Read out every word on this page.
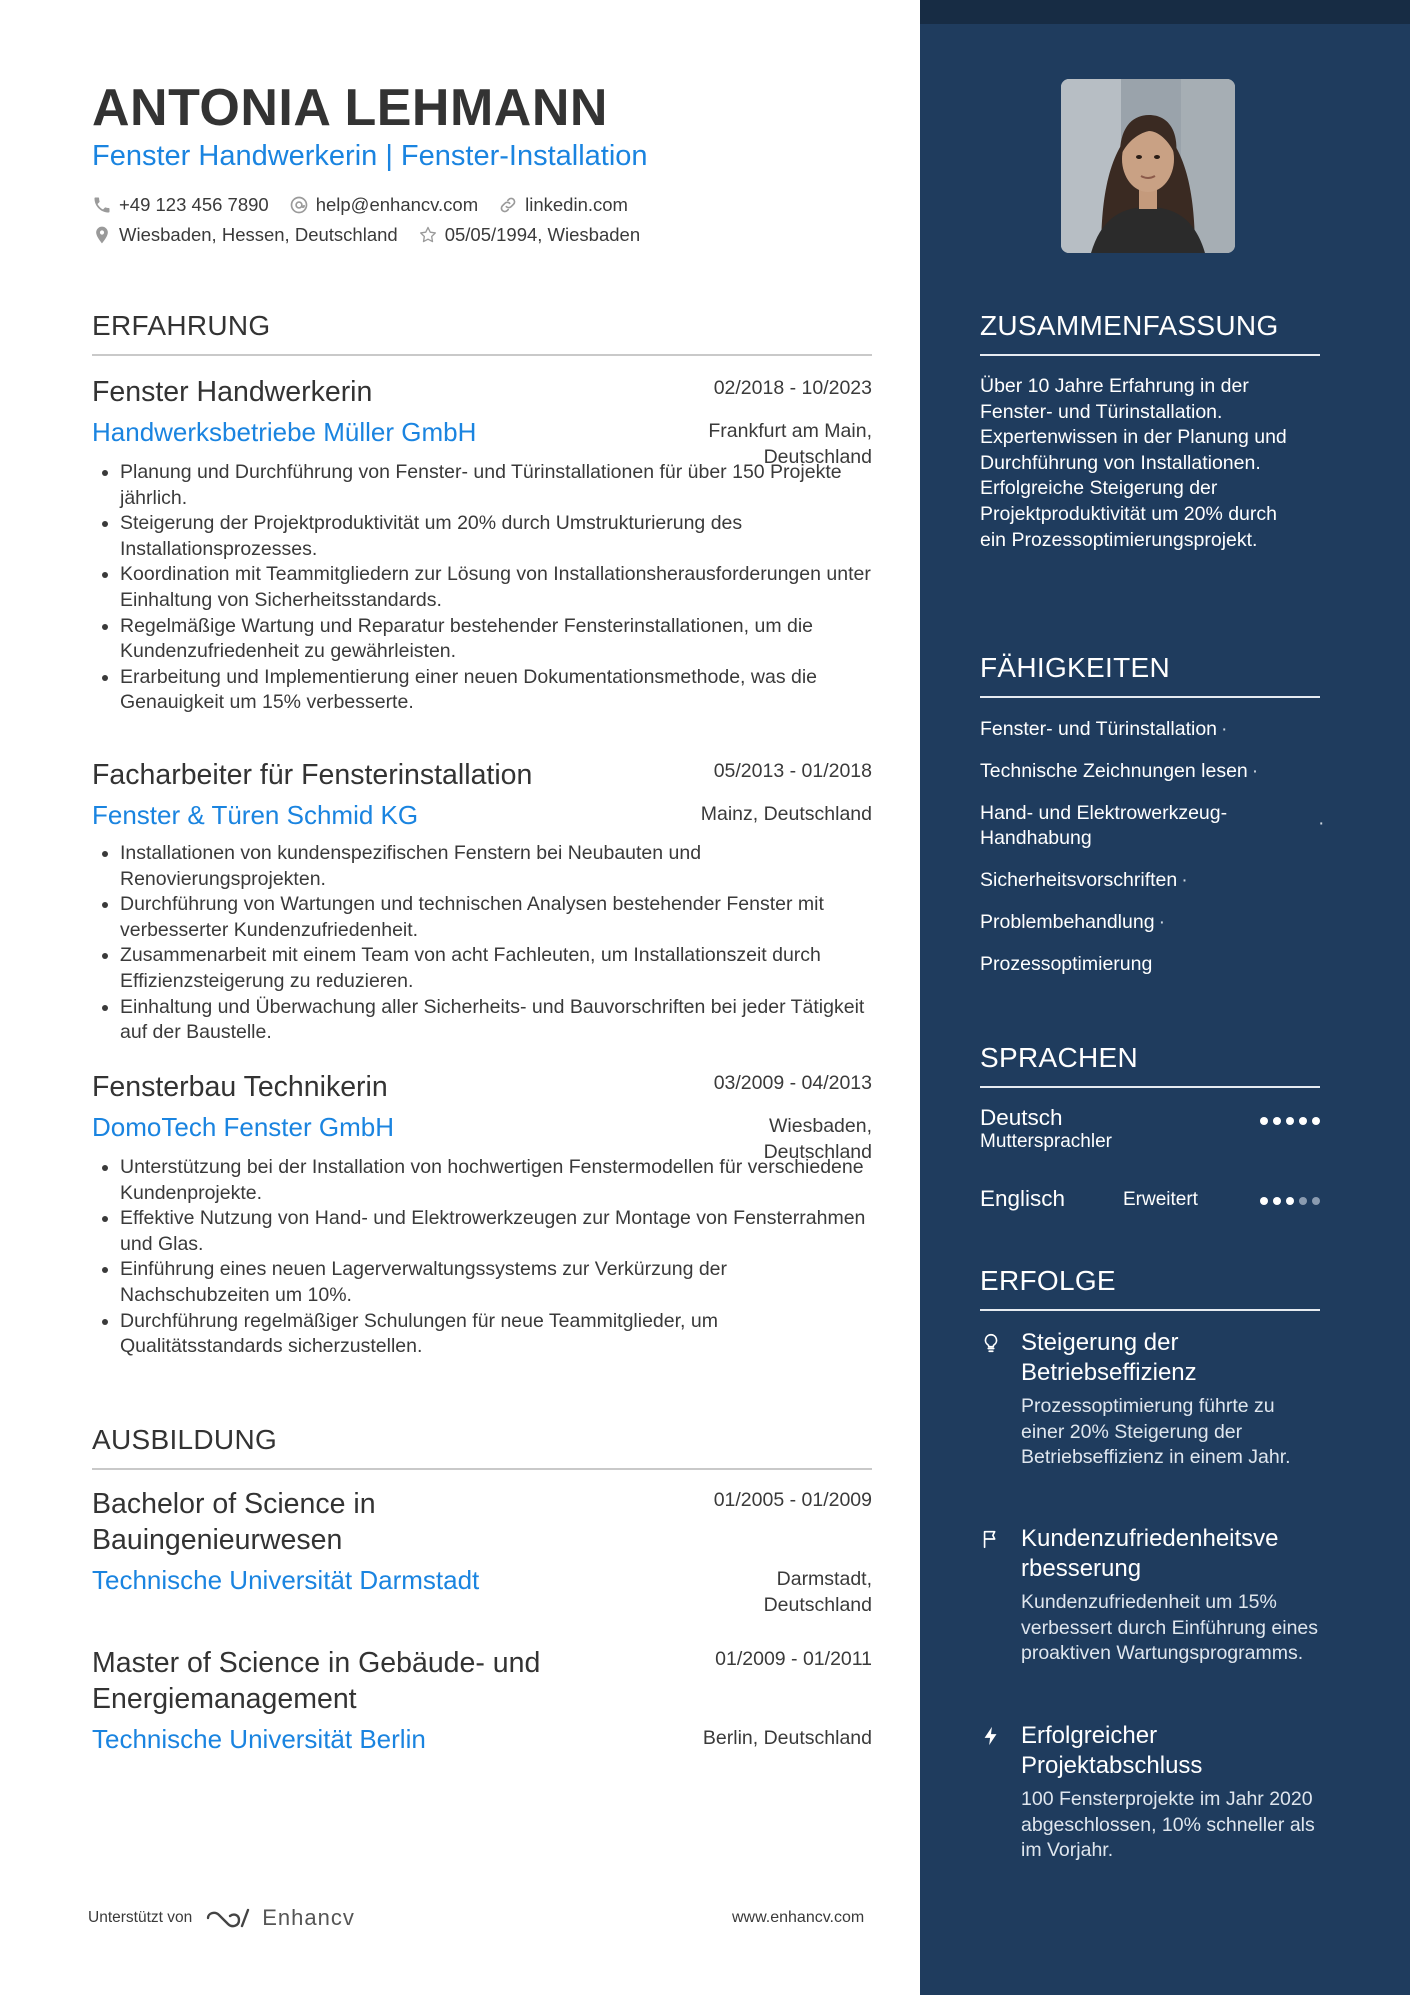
ANTONIA LEHMANN
Fenster Handwerkerin | Fenster-Installation
+49 123 456 7890	help@enhancv.com	linkedin.com
Wiesbaden, Hessen, Deutschland	05/05/1994, Wiesbaden
ERFAHRUNG
Fenster Handwerkerin	02/2018 - 10/2023
Handwerksbetriebe Müller GmbH	Frankfurt am Main, Deutschland
• Planung und Durchführung von Fenster- und Türinstallationen für über 150 Projekte jährlich.
• Steigerung der Projektproduktivität um 20% durch Umstrukturierung des Installationsprozesses.
• Koordination mit Teammitgliedern zur Lösung von Installationsherausforderungen unter Einhaltung von Sicherheitsstandards.
• Regelmäßige Wartung und Reparatur bestehender Fensterinstallationen, um die Kundenzufriedenheit zu gewährleisten.
• Erarbeitung und Implementierung einer neuen Dokumentationsmethode, was die Genauigkeit um 15% verbesserte.
Facharbeiter für Fensterinstallation	05/2013 - 01/2018
Fenster & Türen Schmid KG	Mainz, Deutschland
• Installationen von kundenspezifischen Fenstern bei Neubauten und Renovierungsprojekten.
• Durchführung von Wartungen und technischen Analysen bestehender Fenster mit verbesserter Kundenzufriedenheit.
• Zusammenarbeit mit einem Team von acht Fachleuten, um Installationszeit durch Effizienzsteigerung zu reduzieren.
• Einhaltung und Überwachung aller Sicherheits- und Bauvorschriften bei jeder Tätigkeit auf der Baustelle.
Fensterbau Technikerin	03/2009 - 04/2013
DomoTech Fenster GmbH	Wiesbaden, Deutschland
• Unterstützung bei der Installation von hochwertigen Fenstermodellen für verschiedene Kundenprojekte.
• Effektive Nutzung von Hand- und Elektrowerkzeugen zur Montage von Fensterrahmen und Glas.
• Einführung eines neuen Lagerverwaltungssystems zur Verkürzung der Nachschubzeiten um 10%.
• Durchführung regelmäßiger Schulungen für neue Teammitglieder, um Qualitätsstandards sicherzustellen.
AUSBILDUNG
Bachelor of Science in Bauingenieurwesen
01/2005 - 01/2009
Technische Universität Darmstadt	Darmstadt, Deutschland
Master of Science in Gebäude- und Energiemanagement
01/2009 - 01/2011
Technische Universität Berlin	Berlin, Deutschland
Unterstützt von	Enhancv	www.enhancv.com
ZUSAMMENFASSUNG
Über 10 Jahre Erfahrung in der Fenster- und Türinstallation. Expertenwissen in der Planung und Durchführung von Installationen. Erfolgreiche Steigerung der Projektproduktivität um 20% durch ein Prozessoptimierungsprojekt.
FÄHIGKEITEN
Fenster- und Türinstallation ·
Technische Zeichnungen lesen ·
Hand- und Elektrowerkzeug-Handhabung
·
Sicherheitsvorschriften ·
Problembehandlung ·
Prozessoptimierung
SPRACHEN
Deutsch
Muttersprachler
Englisch	Erweitert
ERFOLGE
Steigerung der Betriebseffizienz
Prozessoptimierung führte zu einer 20% Steigerung der Betriebseffizienz in einem Jahr.
Kundenzufriedenheitsve rbesserung
Kundenzufriedenheit um 15% verbessert durch Einführung eines proaktiven Wartungsprogramms.
Erfolgreicher Projektabschluss
100 Fensterprojekte im Jahr 2020 abgeschlossen, 10% schneller als im Vorjahr.
